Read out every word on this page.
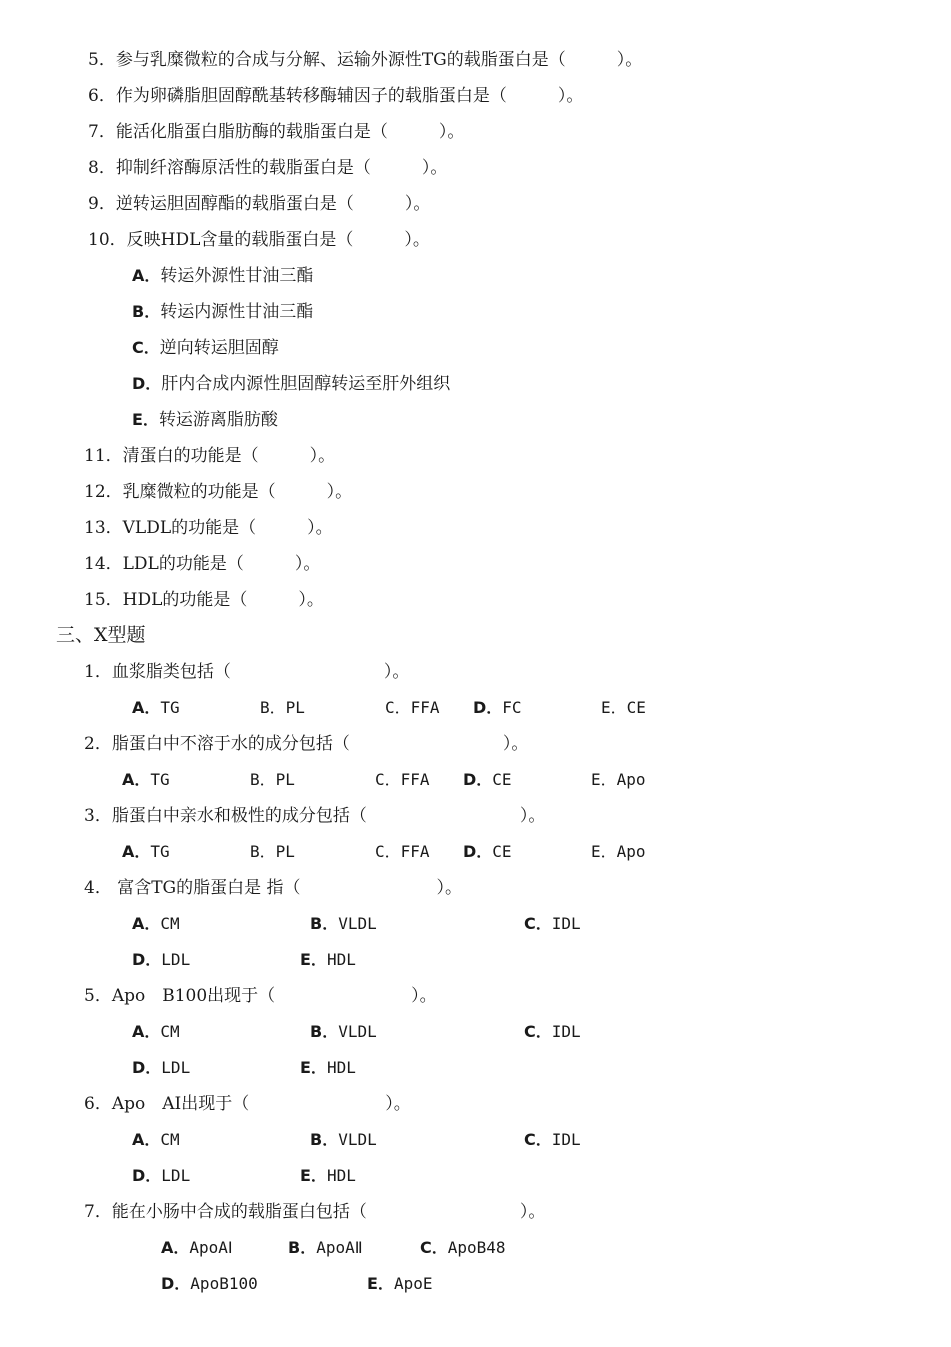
5．参与乳糜微粒的合成与分解、运输外源性TG的载脂蛋白是（　　　）。
6．作为卵磷脂胆固醇酰基转移酶辅因子的载脂蛋白是（　　　）。
7．能活化脂蛋白脂肪酶的载脂蛋白是（　　　）。
8．抑制纤溶酶原活性的载脂蛋白是（　　　）。
9．逆转运胆固醇酯的载脂蛋白是（　　　）。
10．反映HDL含量的载脂蛋白是（　　　）。
A．转运外源性甘油三酯
B．转运内源性甘油三酯
C．逆向转运胆固醇
D．肝内合成内源性胆固醇转运至肝外组织
E．转运游离脂肪酸
11．清蛋白的功能是（　　　）。
12．乳糜微粒的功能是（　　　）。
13．VLDL的功能是（　　　）。
14．LDL的功能是（　　　）。
15．HDL的功能是（　　　）。
三、X型题
1．血浆脂类包括（　　　　　　　　　）。
A．TG	B．PL	C．FFA D．FC	E．CE
2．脂蛋白中不溶于水的成分包括（　　　　　　　　　）。
A．TG	B．PL	C．FFA D．CE	E．Apo
3．脂蛋白中亲水和极性的成分包括（　　　　　　　　　）。
A．TG	B．PL	C．FFA D．CE	E．Apo
4． 富含TG的脂蛋白是 指（　　　　　　　　）。
A．CM	B．VLDL	C．IDL
D．LDL	E．HDL
5．Apo　B100出现于（　　　　　　　　）。
A．CM	B．VLDL	C．IDL
D．LDL	E．HDL
6．Apo　AI出现于（　　　　　　　　）。
A．CM	B．VLDL	C．IDL
D．LDL	E．HDL
7．能在小肠中合成的载脂蛋白包括（　　　　　　　　　）。
A．ApoAⅠ	B．ApoAⅡ	C．ApoB48
D．ApoB100	E．ApoE
